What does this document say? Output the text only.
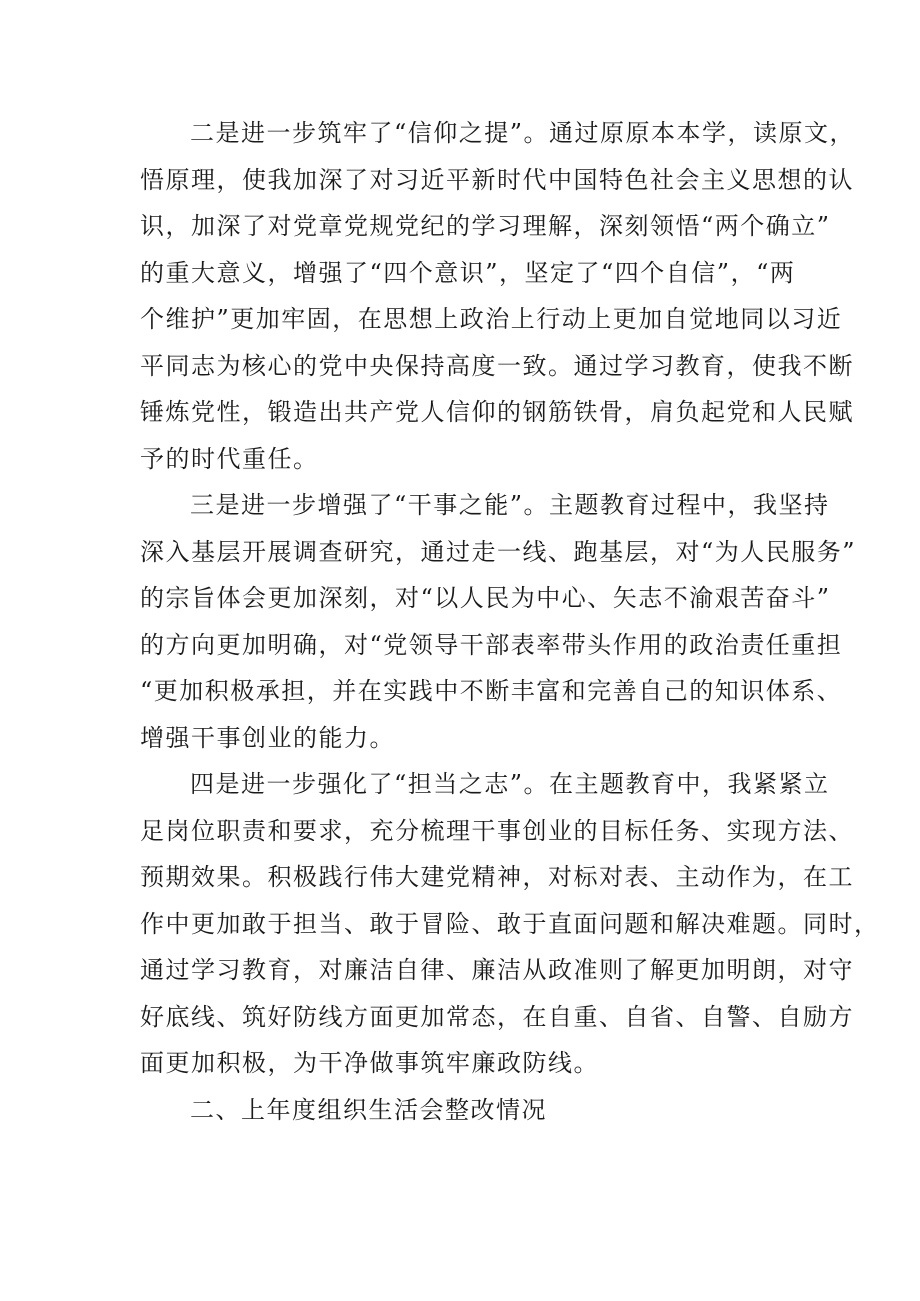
二是进一步筑牢了“信仰之提”。通过原原本本学，读原文，
悟原理，使我加深了对习近平新时代中国特色社会主义思想的认
识，加深了对党章党规党纪的学习理解，深刻领悟“两个确立”
的重大意义，增强了“四个意识”，坚定了“四个自信”，“两
个维护”更加牢固，在思想上政治上行动上更加自觉地同以习近
平同志为核心的党中央保持高度一致。通过学习教育，使我不断
锤炼党性，锻造出共产党人信仰的钢筋铁骨，肩负起党和人民赋
予的时代重任。
三是进一步增强了“干事之能”。主题教育过程中，我坚持
深入基层开展调查研究，通过走一线、跑基层，对“为人民服务”
的宗旨体会更加深刻，对“以人民为中心、矢志不渝艰苦奋斗”
的方向更加明确，对“党领导干部表率带头作用的政治责任重担
“更加积极承担，并在实践中不断丰富和完善自己的知识体系、
增强干事创业的能力。
四是进一步强化了“担当之志”。在主题教育中，我紧紧立
足岗位职责和要求，充分梳理干事创业的目标任务、实现方法、
预期效果。积极践行伟大建党精神，对标对表、主动作为，在工
作中更加敢于担当、敢于冒险、敢于直面问题和解决难题。同时，
通过学习教育，对廉洁自律、廉洁从政准则了解更加明朗，对守
好底线、筑好防线方面更加常态，在自重、自省、自警、自励方
面更加积极，为干净做事筑牢廉政防线。
二、上年度组织生活会整改情况
